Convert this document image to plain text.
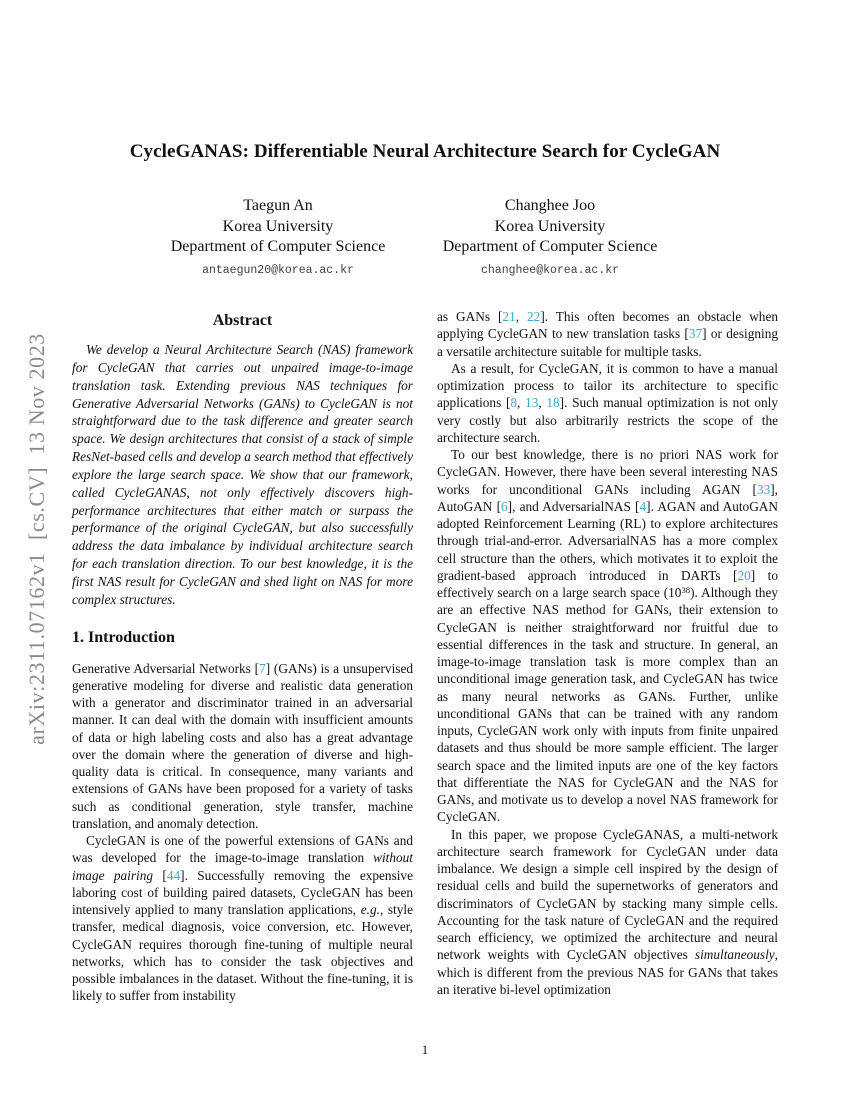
arXiv:2311.07162v1  [cs.CV]  13 Nov 2023
CycleGANAS: Differentiable Neural Architecture Search for CycleGAN
Taegun An
Korea University
Department of Computer Science
antaegun20@korea.ac.kr
Changhee Joo
Korea University
Department of Computer Science
changhee@korea.ac.kr
Abstract

We develop a Neural Architecture Search (NAS) framework for CycleGAN that carries out unpaired image-to-image translation task. Extending previous NAS techniques for Generative Adversarial Networks (GANs) to CycleGAN is not straightforward due to the task difference and greater search space. We design architectures that consist of a stack of simple ResNet-based cells and develop a search method that effectively explore the large search space. We show that our framework, called CycleGANAS, not only effectively discovers high-performance architectures that either match or surpass the performance of the original CycleGAN, but also successfully address the data imbalance by individual architecture search for each translation direction. To our best knowledge, it is the first NAS result for CycleGAN and shed light on NAS for more complex structures.

1. Introduction

Generative Adversarial Networks [7] (GANs) is a unsupervised generative modeling for diverse and realistic data generation with a generator and discriminator trained in an adversarial manner. It can deal with the domain with insufficient amounts of data or high labeling costs and also has a great advantage over the domain where the generation of diverse and high-quality data is critical. In consequence, many variants and extensions of GANs have been proposed for a variety of tasks such as conditional generation, style transfer, machine translation, and anomaly detection.

CycleGAN is one of the powerful extensions of GANs and was developed for the image-to-image translation without image pairing [44]. Successfully removing the expensive laboring cost of building paired datasets, CycleGAN has been intensively applied to many translation applications, e.g., style transfer, medical diagnosis, voice conversion, etc. However, CycleGAN requires thorough fine-tuning of multiple neural networks, which has to consider the task objectives and possible imbalances in the dataset. Without the fine-tuning, it is likely to suffer from instability

as GANs [21, 22]. This often becomes an obstacle when applying CycleGAN to new translation tasks [37] or designing a versatile architecture suitable for multiple tasks.

As a result, for CycleGAN, it is common to have a manual optimization process to tailor its architecture to specific applications [8, 13, 18]. Such manual optimization is not only very costly but also arbitrarily restricts the scope of the architecture search.

To our best knowledge, there is no priori NAS work for CycleGAN. However, there have been several interesting NAS works for unconditional GANs including AGAN [33], AutoGAN [6], and AdversarialNAS [4]. AGAN and AutoGAN adopted Reinforcement Learning (RL) to explore architectures through trial-and-error. AdversarialNAS has a more complex cell structure than the others, which motivates it to exploit the gradient-based approach introduced in DARTs [20] to effectively search on a large search space $(10^{38})$. Although they are an effective NAS method for GANs, their extension to CycleGAN is neither straightforward nor fruitful due to essential differences in the task and structure. In general, an image-to-image translation task is more complex than an unconditional image generation task, and CycleGAN has twice as many neural networks as GANs. Further, unlike unconditional GANs that can be trained with any random inputs, CycleGAN work only with inputs from finite unpaired datasets and thus should be more sample efficient. The larger search space and the limited inputs are one of the key factors that differentiate the NAS for CycleGAN and the NAS for GANs, and motivate us to develop a novel NAS framework for CycleGAN.

In this paper, we propose CycleGANAS, a multi-network architecture search framework for CycleGAN under data imbalance. We design a simple cell inspired by the design of residual cells and build the supernetworks of generators and discriminators of CycleGAN by stacking many simple cells. Accounting for the task nature of CycleGAN and the required search efficiency, we optimized the architecture and neural network weights with CycleGAN objectives simultaneously, which is different from the previous NAS for GANs that takes an iterative bi-level optimization

1
